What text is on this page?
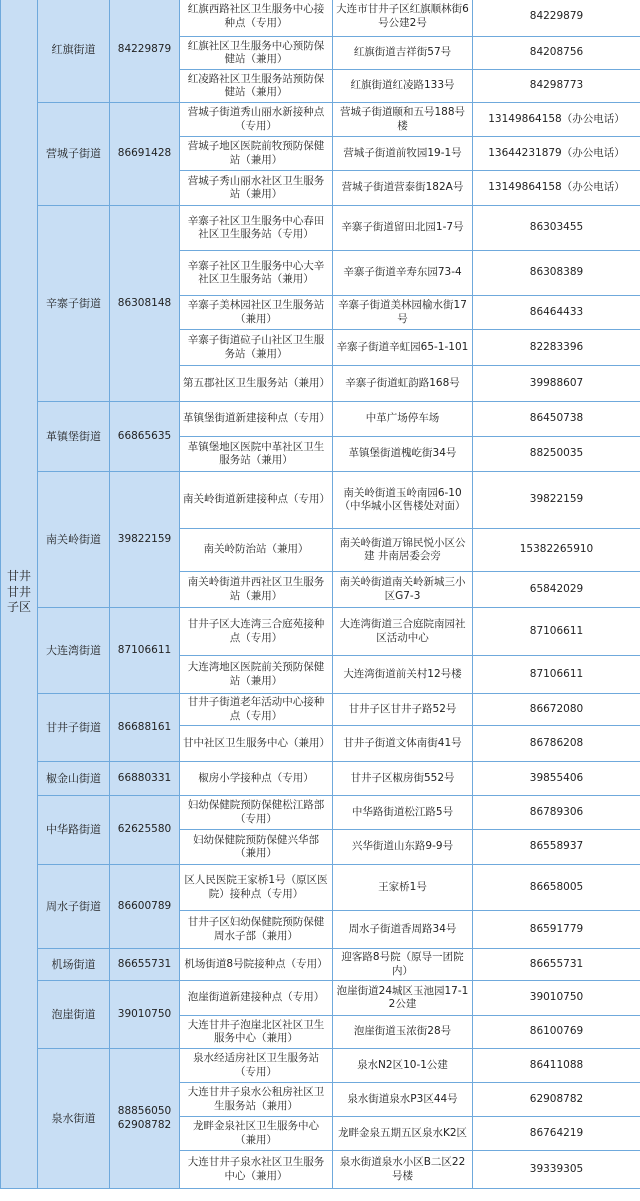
甘井甘井子区	红旗街道	84229879	红旗西路社区卫生服务中心接种点（专用）	大连市甘井子区红旗顺林街6号公建2号	84229879
			红旗社区卫生服务中心预防保健站（兼用）	红旗街道吉祥街57号	84208756
			红凌路社区卫生服务站预防保健站（兼用）	红旗街道红凌路133号	84298773
	营城子街道	86691428	营城子街道秀山丽水新接种点（专用）	营城子街道颐和五号188号楼	13149864158（办公电话）
			营城子地区医院前牧预防保健站（兼用）	营城子街道前牧园19-1号	13644231879（办公电话）
			营城子秀山丽水社区卫生服务站（兼用）	营城子街道营泰街182A号	13149864158（办公电话）
	辛寨子街道	86308148	辛寨子社区卫生服务中心春田社区卫生服务站（专用）	辛寨子街道留田北园1-7号	86303455
			辛寨子社区卫生服务中心大辛社区卫生服务站（兼用）	辛寨子街道辛寿东园73-4	86308389
			辛寨子美林园社区卫生服务站（兼用）	辛寨子街道美林园榆水街17号	86464433
			辛寨子街道砬子山社区卫生服务站（兼用）	辛寨子街道辛虹园65-1-101	82283396
			第五郡社区卫生服务站（兼用）	辛寨子街道虹韵路168号	39988607
	革镇堡街道	66865635	革镇堡街道新建接种点（专用）	中革广场停车场	86450738
			革镇堡地区医院中革社区卫生服务站（兼用）	革镇堡街道槐屹街34号	88250035
	南关岭街道	39822159	南关岭街道新建接种点（专用）	南关岭街道玉岭南园6-10（中华城小区售楼处对面）	39822159
			南关岭防治站（兼用）	南关岭街道万锦民悦小区公建 井南居委会旁	15382265910
			南关岭街道井西社区卫生服务站（兼用）	南关岭街道南关岭新城三小区G7-3	65842029
	大连湾街道	87106611	甘井子区大连湾三合庭苑接种点（专用）	大连湾街道三合庭院南园社区活动中心	87106611
			大连湾地区医院前关预防保健站（兼用）	大连湾街道前关村12号楼	87106611
	甘井子街道	86688161	甘井子街道老年活动中心接种点（专用）	甘井子区甘井子路52号	86672080
			甘中社区卫生服务中心（兼用）	甘井子街道文体南街41号	86786208
	椒金山街道	66880331	椒房小学接种点（专用）	甘井子区椒房街552号	39855406
	中华路街道	62625580	妇幼保健院预防保健松江路部（专用）	中华路街道松江路5号	86789306
			妇幼保健院预防保健兴华部（兼用）	兴华街道山东路9-9号	86558937
	周水子街道	86600789	区人民医院王家桥1号（原区医院）接种点（专用）	王家桥1号	86658005
			甘井子区妇幼保健院预防保健周水子部（兼用）	周水子街道香周路34号	86591779
	机场街道	86655731	机场街道8号院接种点（专用）	迎客路8号院（原导一团院内）	86655731
	泡崖街道	39010750	泡崖街道新建接种点（专用）	泡崖街道24城区玉池园17-12公建	39010750
			大连甘井子泡崖北区社区卫生服务中心（兼用）	泡崖街道玉浓街28号	86100769
	泉水街道	88856050 62908782	泉水经适房社区卫生服务站（专用）	泉水N2区10-1公建	86411088
			大连甘井子泉水公租房社区卫生服务站（兼用）	泉水街道泉水P3区44号	62908782
			龙畔金泉社区卫生服务中心（兼用）	龙畔金泉五期五区泉水K2区	86764219
			大连甘井子泉水社区卫生服务中心（兼用）	泉水街道泉水小区B二区22号楼	39339305
